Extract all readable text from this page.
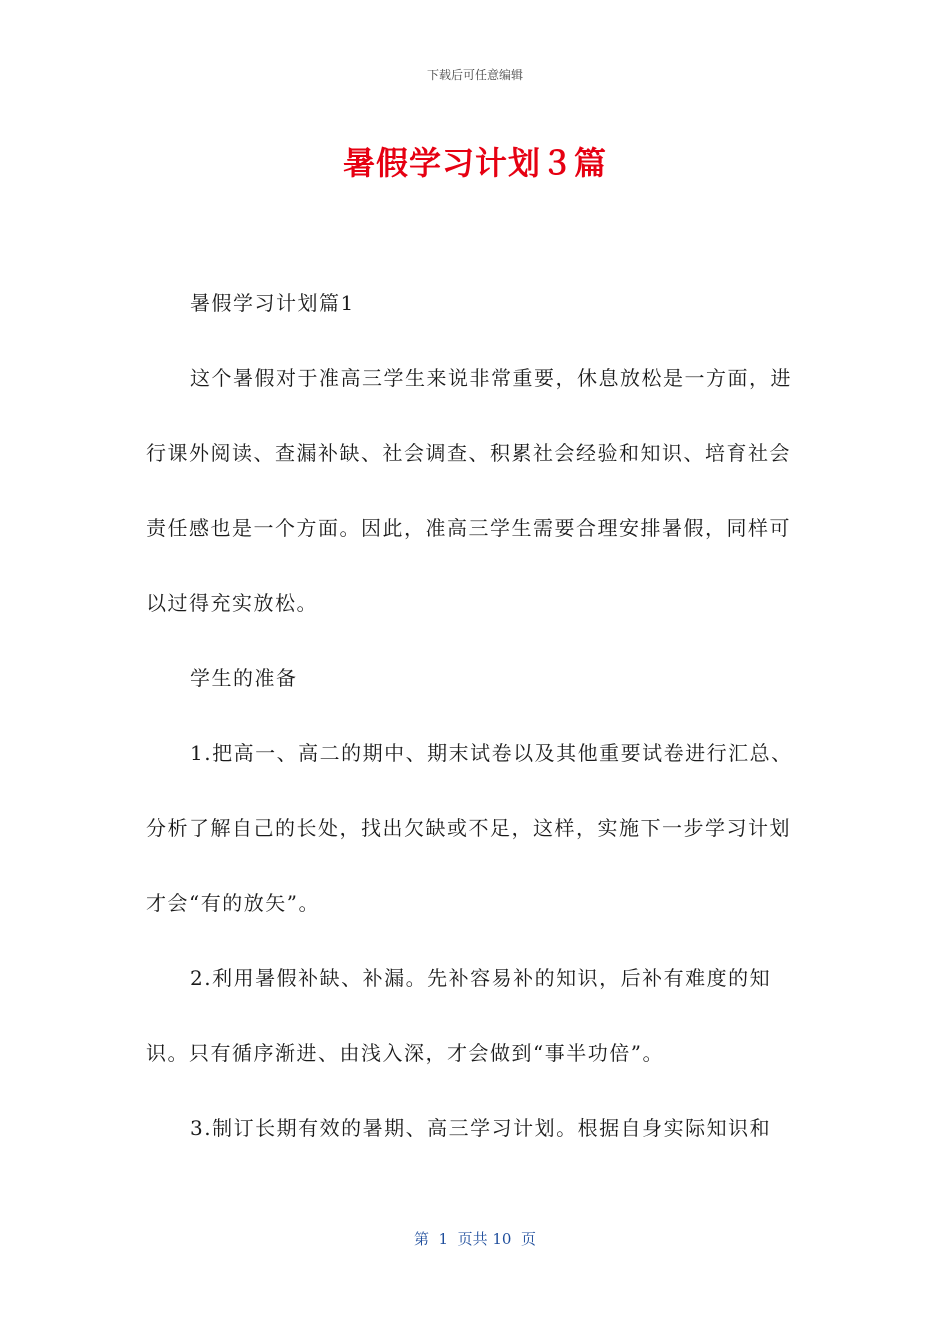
下载后可任意编辑
暑假学习计划３篇

暑假学习计划篇1

这个暑假对于准高三学生来说非常重要，休息放松是一方面，进行课外阅读、查漏补缺、社会调查、积累社会经验和知识、培育社会责任感也是一个方面。因此，准高三学生需要合理安排暑假，同样可以过得充实放松。

学生的准备

1.把高一、高二的期中、期末试卷以及其他重要试卷进行汇总、分析了解自己的长处，找出欠缺或不足，这样，实施下一步学习计划才会“有的放矢”。

2.利用暑假补缺、补漏。先补容易补的知识，后补有难度的知识。只有循序渐进、由浅入深，才会做到“事半功倍”。

3.制订长期有效的暑期、高三学习计划。根据自身实际知识和

第  1  页共 10  页
